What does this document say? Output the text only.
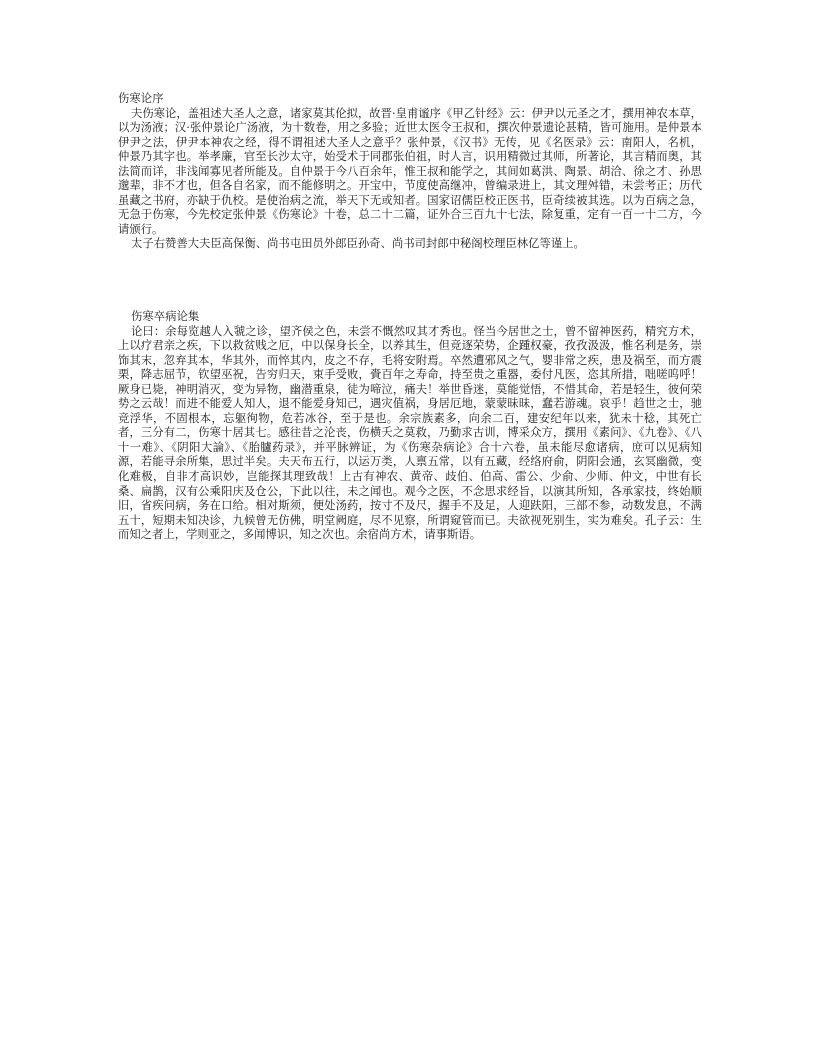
伤寒论序

夫伤寒论，盖祖述大圣人之意，诸家莫其伦拟，故晋·皇甫谧序《甲乙针经》云：伊尹以元圣之才，撰用神农本草，以为汤液；汉·张仲景论广汤液，为十数卷，用之多验；近世太医令王叔和，撰次仲景遗论甚精，皆可施用。是仲景本伊尹之法，伊尹本神农之经，得不谓祖述大圣人之意乎？张仲景，《汉书》无传，见《名医录》云：南阳人，名机，仲景乃其字也。举孝廉，官至长沙太守，始受术于同郡张伯祖，时人言，识用精微过其师，所著论，其言精而奥，其法简而详，非浅闻寡见者所能及。自仲景于今八百余年，惟王叔和能学之，其间如葛洪、陶景、胡洽、徐之才、孙思邈辈，非不才也，但各自名家，而不能修明之。开宝中，节度使高继冲，曾编录进上，其文理舛错，未尝考正；历代虽藏之书府，亦缺于仇校。是使治病之流，举天下无或知者。国家诏儒臣校正医书，臣奇续被其选。以为百病之急，无急于伤寒，今先校定张仲景《伤寒论》十卷，总二十二篇，证外合三百九十七法，除复重，定有一百一十二方，今请颁行。

太子右赞善大夫臣高保衡、尚书屯田员外郎臣孙奇、尚书司封郎中秘阁校理臣林亿等谨上。

伤寒卒病论集

论曰：余每览越人入虢之诊，望齐侯之色，未尝不慨然叹其才秀也。怪当今居世之士，曾不留神医药，精究方术，上以疗君亲之疾，下以救贫贱之厄，中以保身长全，以养其生，但竞逐荣势，企踵权豪，孜孜汲汲，惟名利是务，崇饰其末，忽弃其本，华其外，而悴其内，皮之不存，毛将安附焉。卒然遭邪风之气，婴非常之疾，患及祸至，而方震栗，降志屈节，钦望巫祝，告穷归天，束手受败，賫百年之寿命，持至贵之重器，委付凡医，恣其所措，咄嗟呜呼！厥身已毙，神明消灭，变为异物，幽潜重泉，徒为啼泣，痛夫！举世昏迷，莫能觉悟，不惜其命，若是轻生，彼何荣势之云哉！而进不能爱人知人，退不能爱身知己，遇灾值祸，身居厄地，蒙蒙昧昧，蠢若游魂。哀乎！趋世之士，驰竞浮华，不固根本，忘躯徇物，危若冰谷，至于是也。余宗族素多，向余二百，建安纪年以来，犹未十稔，其死亡者，三分有二，伤寒十居其七。感往昔之沦丧，伤横夭之莫救，乃勤求古训，博采众方，撰用《素问》、《九卷》、《八十一难》、《阴阳大論》、《胎臚药录》，并平脉辨证，为《伤寒杂病论》合十六卷，虽未能尽愈诸病，庶可以见病知源，若能寻余所集，思过半矣。夫天布五行，以运万类，人禀五常，以有五藏，经络府俞，阴阳会通，玄冥幽微，变化难极，自非才高识妙，岂能探其理致哉！上古有神农、黄帝、歧伯、伯高、雷公、少俞、少师、仲文，中世有长桑、扁鹊，汉有公乘阳庆及仓公，下此以往，未之闻也。观今之医，不念思求经旨，以演其所知，各承家技，终始顺旧，省疾问病，务在口给。相对斯须，便处汤药，按寸不及尺，握手不及足，人迎趺阳，三部不参，动数发息，不满五十，短期未知决诊，九候曾无仿佛，明堂阙庭，尽不见察，所谓窥管而已。夫欲视死别生，实为难矣。孔子云：生而知之者上，学则亚之，多闻博识，知之次也。余宿尚方术，请事斯语。
